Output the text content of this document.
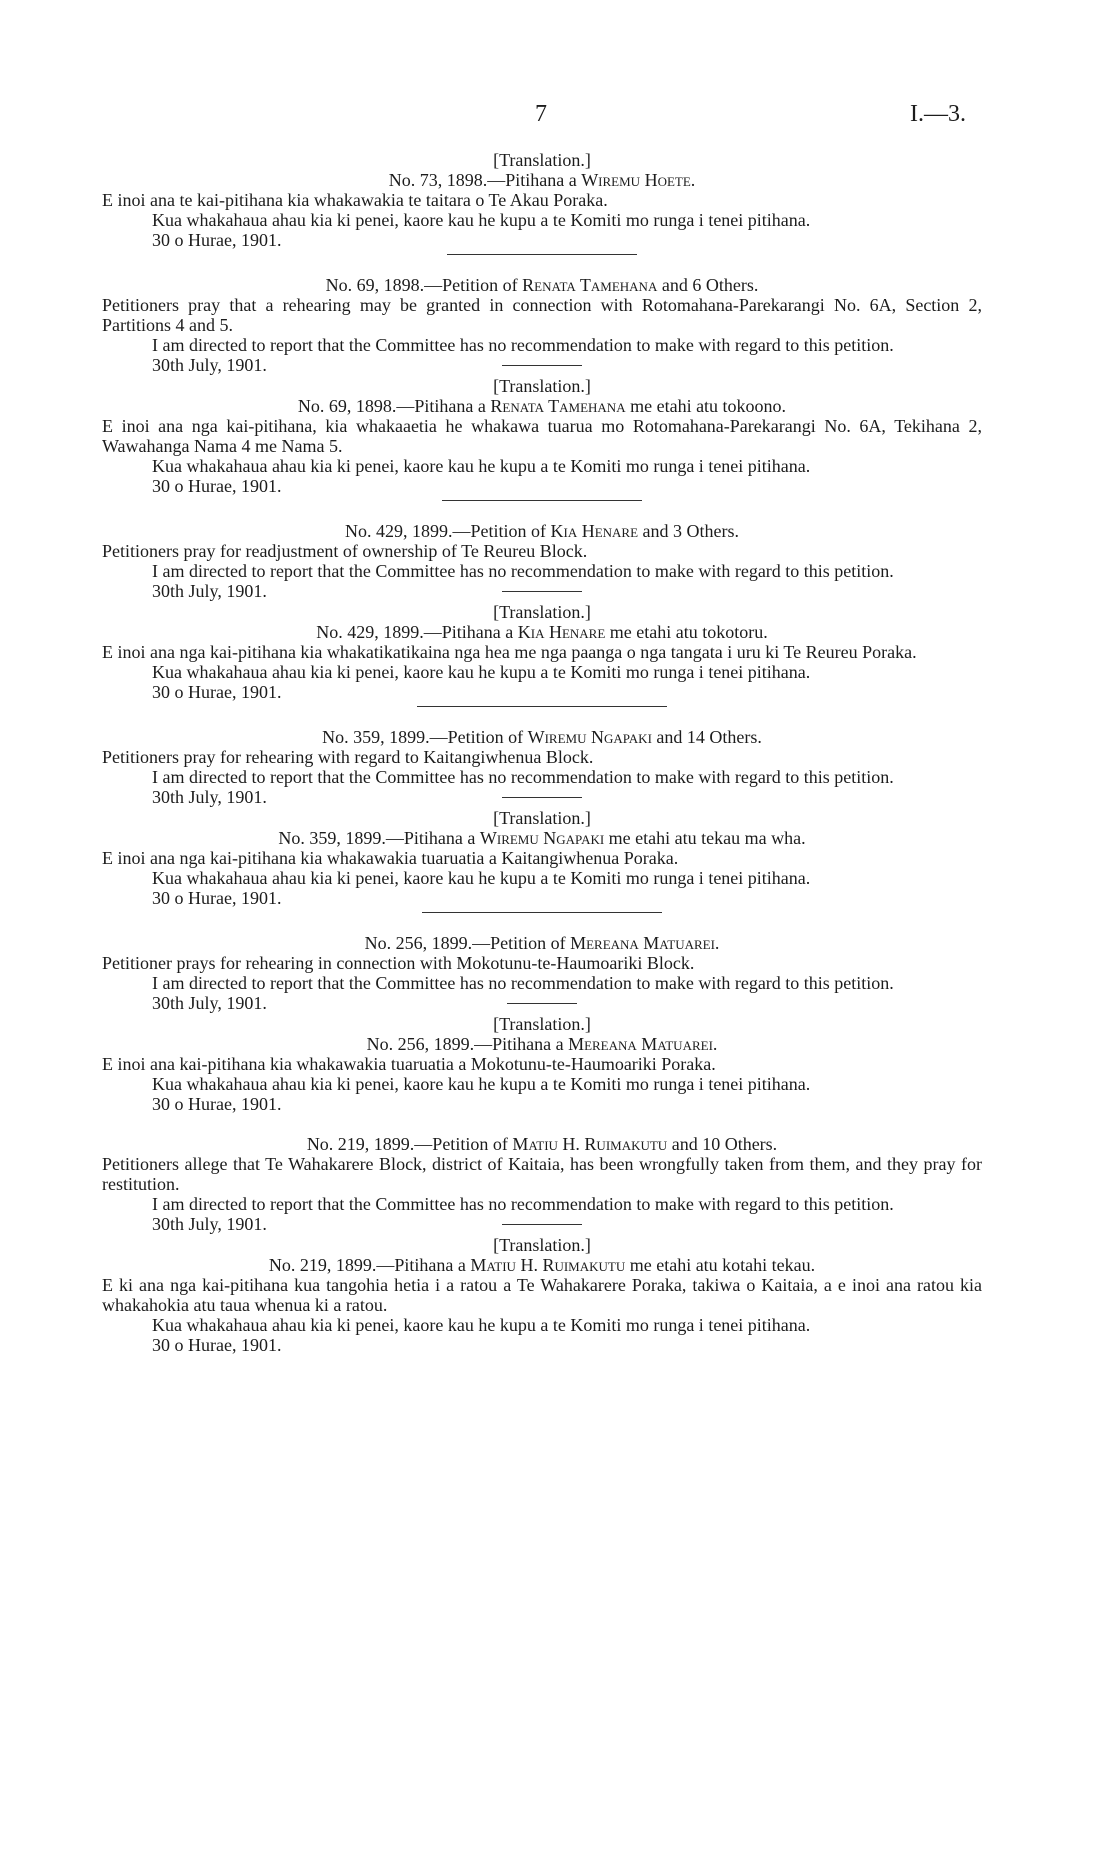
7	I.—3.

[Translation.]

No. 73, 1898.—Pitihana a Wiremu Hoete.

E inoi ana te kai-pitihana kia whakawakia te taitara o Te Akau Poraka.

Kua whakahaua ahau kia ki penei, kaore kau he kupu a te Komiti mo runga i tenei pitihana.

30 o Hurae, 1901.

No. 69, 1898.—Petition of Renata Tamehana and 6 Others.

Petitioners pray that a rehearing may be granted in connection with Rotomahana-Parekarangi No. 6A, Section 2, Partitions 4 and 5.

I am directed to report that the Committee has no recommendation to make with regard to this petition.

30th July, 1901.

[Translation.]

No. 69, 1898.—Pitihana a Renata Tamehana me etahi atu tokoono.

E inoi ana nga kai-pitihana, kia whakaaetia he whakawa tuarua mo Rotomahana-Parekarangi No. 6A, Tekihana 2, Wawahanga Nama 4 me Nama 5.

Kua whakahaua ahau kia ki penei, kaore kau he kupu a te Komiti mo runga i tenei pitihana.

30 o Hurae, 1901.

No. 429, 1899.—Petition of Kia Henare and 3 Others.

Petitioners pray for readjustment of ownership of Te Reureu Block.

I am directed to report that the Committee has no recommendation to make with regard to this petition.

30th July, 1901.

[Translation.]

No. 429, 1899.—Pitihana a Kia Henare me etahi atu tokotoru.

E inoi ana nga kai-pitihana kia whakatikatikaina nga hea me nga paanga o nga tangata i uru ki Te Reureu Poraka.

Kua whakahaua ahau kia ki penei, kaore kau he kupu a te Komiti mo runga i tenei pitihana.

30 o Hurae, 1901.

No. 359, 1899.—Petition of Wiremu Ngapaki and 14 Others.

Petitioners pray for rehearing with regard to Kaitangiwhenua Block.

I am directed to report that the Committee has no recommendation to make with regard to this petition.

30th July, 1901.

[Translation.]

No. 359, 1899.—Pitihana a Wiremu Ngapaki me etahi atu tekau ma wha.

E inoi ana nga kai-pitihana kia whakawakia tuaruatia a Kaitangiwhenua Poraka.

Kua whakahaua ahau kia ki penei, kaore kau he kupu a te Komiti mo runga i tenei pitihana.

30 o Hurae, 1901.

No. 256, 1899.—Petition of Mereana Matuarei.

Petitioner prays for rehearing in connection with Mokotunu-te-Haumoariki Block.

I am directed to report that the Committee has no recommendation to make with regard to this petition.

30th July, 1901.

[Translation.]

No. 256, 1899.—Pitihana a Mereana Matuarei.

E inoi ana kai-pitihana kia whakawakia tuaruatia a Mokotunu-te-Haumoariki Poraka.

Kua whakahaua ahau kia ki penei, kaore kau he kupu a te Komiti mo runga i tenei pitihana.

30 o Hurae, 1901.

No. 219, 1899.—Petition of Matiu H. Ruimakutu and 10 Others.

Petitioners allege that Te Wahakarere Block, district of Kaitaia, has been wrongfully taken from them, and they pray for restitution.

I am directed to report that the Committee has no recommendation to make with regard to this petition.

30th July, 1901.

[Translation.]

No. 219, 1899.—Pitihana a Matiu H. Ruimakutu me etahi atu kotahi tekau.

E ki ana nga kai-pitihana kua tangohia hetia i a ratou a Te Wahakarere Poraka, takiwa o Kaitaia, a e inoi ana ratou kia whakahokia atu taua whenua ki a ratou.

Kua whakahaua ahau kia ki penei, kaore kau he kupu a te Komiti mo runga i tenei pitihana.

30 o Hurae, 1901.
